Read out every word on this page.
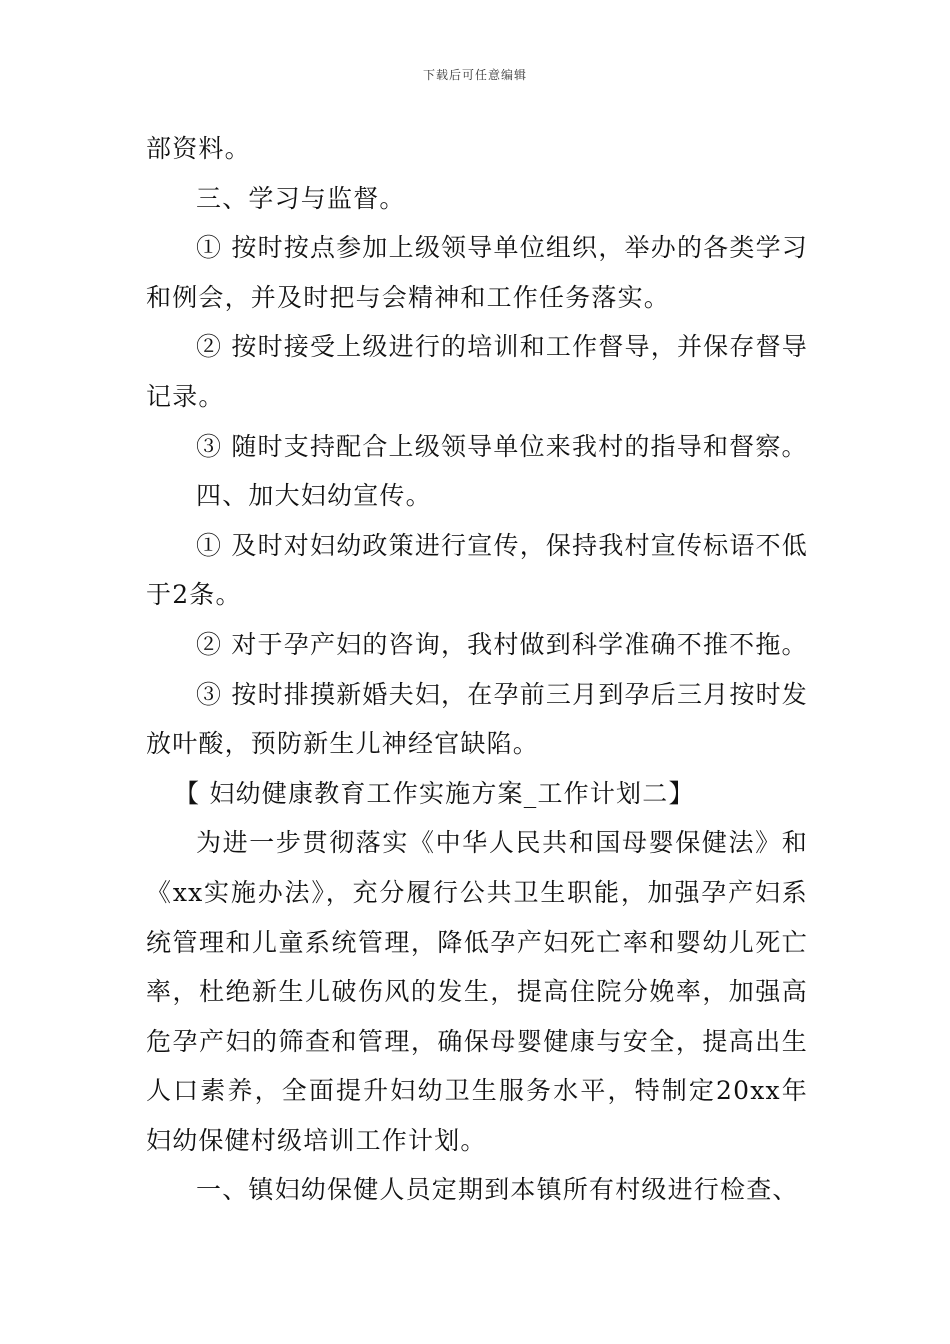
下载后可任意编辑

部资料。

三、学习与监督。

① 按时按点参加上级领导单位组织，举办的各类学习和例会，并及时把与会精神和工作任务落实。

② 按时接受上级进行的培训和工作督导，并保存督导记录。

③ 随时支持配合上级领导单位来我村的指导和督察。

四、加大妇幼宣传。

① 及时对妇幼政策进行宣传，保持我村宣传标语不低于2条。

② 对于孕产妇的咨询，我村做到科学准确不推不拖。

③ 按时排摸新婚夫妇，在孕前三月到孕后三月按时发放叶酸，预防新生儿神经官缺陷。

【 妇幼健康教育工作实施方案_工作计划二】

为进一步贯彻落实《中华人民共和国母婴保健法》和《xx实施办法》，充分履行公共卫生职能，加强孕产妇系统管理和儿童系统管理，降低孕产妇死亡率和婴幼儿死亡率，杜绝新生儿破伤风的发生，提高住院分娩率，加强高危孕产妇的筛查和管理，确保母婴健康与安全，提高出生人口素养，全面提升妇幼卫生服务水平，特制定20xx年妇幼保健村级培训工作计划。

一、镇妇幼保健人员定期到本镇所有村级进行检查、
